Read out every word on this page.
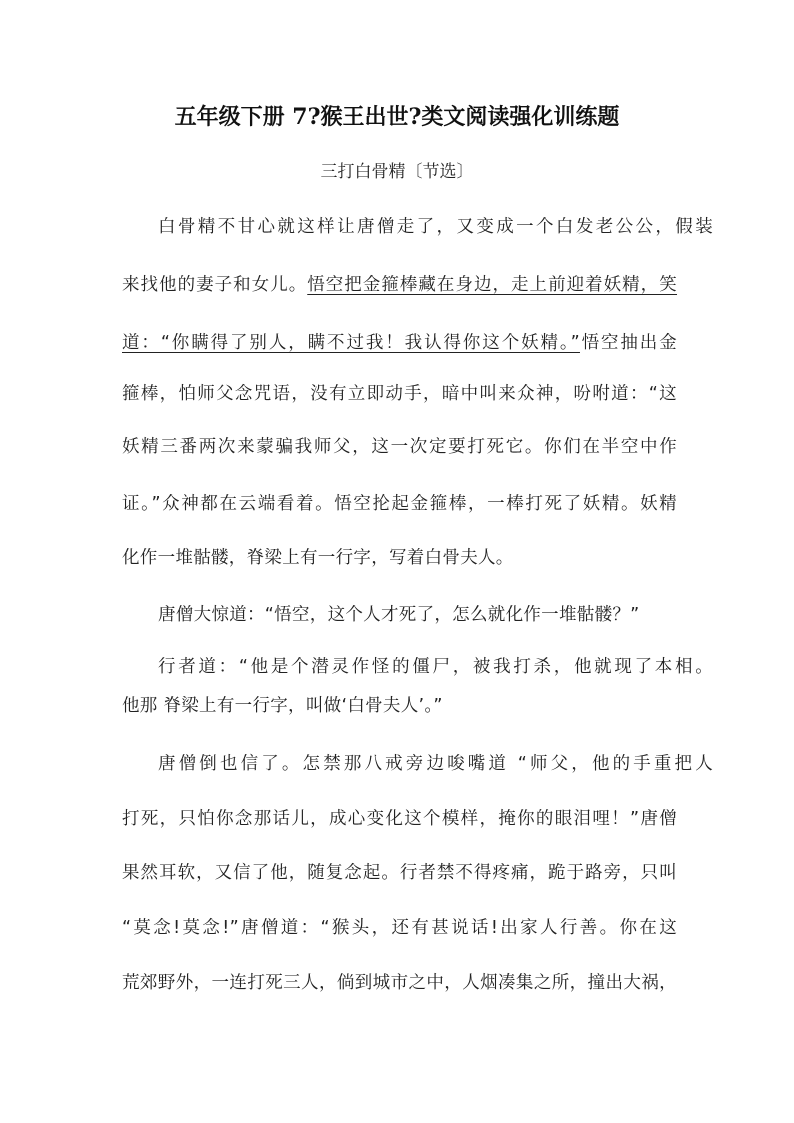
五年级下册 7?猴王出世?类文阅读强化训练题
三打白骨精〔节选〕
白骨精不甘心就这样让唐僧走了，又变成一个白发老公公，假装
来找他的妻子和女儿。悟空把金箍棒藏在身边，走上前迎着妖精，笑
道：“你瞒得了别人，瞒不过我！我认得你这个妖精。”悟空抽出金
箍棒，怕师父念咒语，没有立即动手，暗中叫来众神，吩咐道：“这
妖精三番两次来蒙骗我师父，这一次定要打死它。你们在半空中作
证。”众神都在云端看着。悟空抡起金箍棒，一棒打死了妖精。妖精
化作一堆骷髅，脊梁上有一行字，写着白骨夫人。
唐僧大惊道：“悟空，这个人才死了，怎么就化作一堆骷髅？”
行者道：“他是个潜灵作怪的僵尸，被我打杀，他就现了本相。
他那 脊梁上有一行字，叫做‘白骨夫人’。”
唐僧倒也信了。怎禁那八戒旁边唆嘴道 “师父，他的手重把人
打死，只怕你念那话儿，成心变化这个模样，掩你的眼泪哩！”唐僧
果然耳软，又信了他，随复念起。行者禁不得疼痛，跪于路旁，只叫
“莫念!莫念!”唐僧道：“猴头，还有甚说话!出家人行善。你在这
荒郊野外，一连打死三人，倘到城市之中，人烟凑集之所，撞出大祸，
